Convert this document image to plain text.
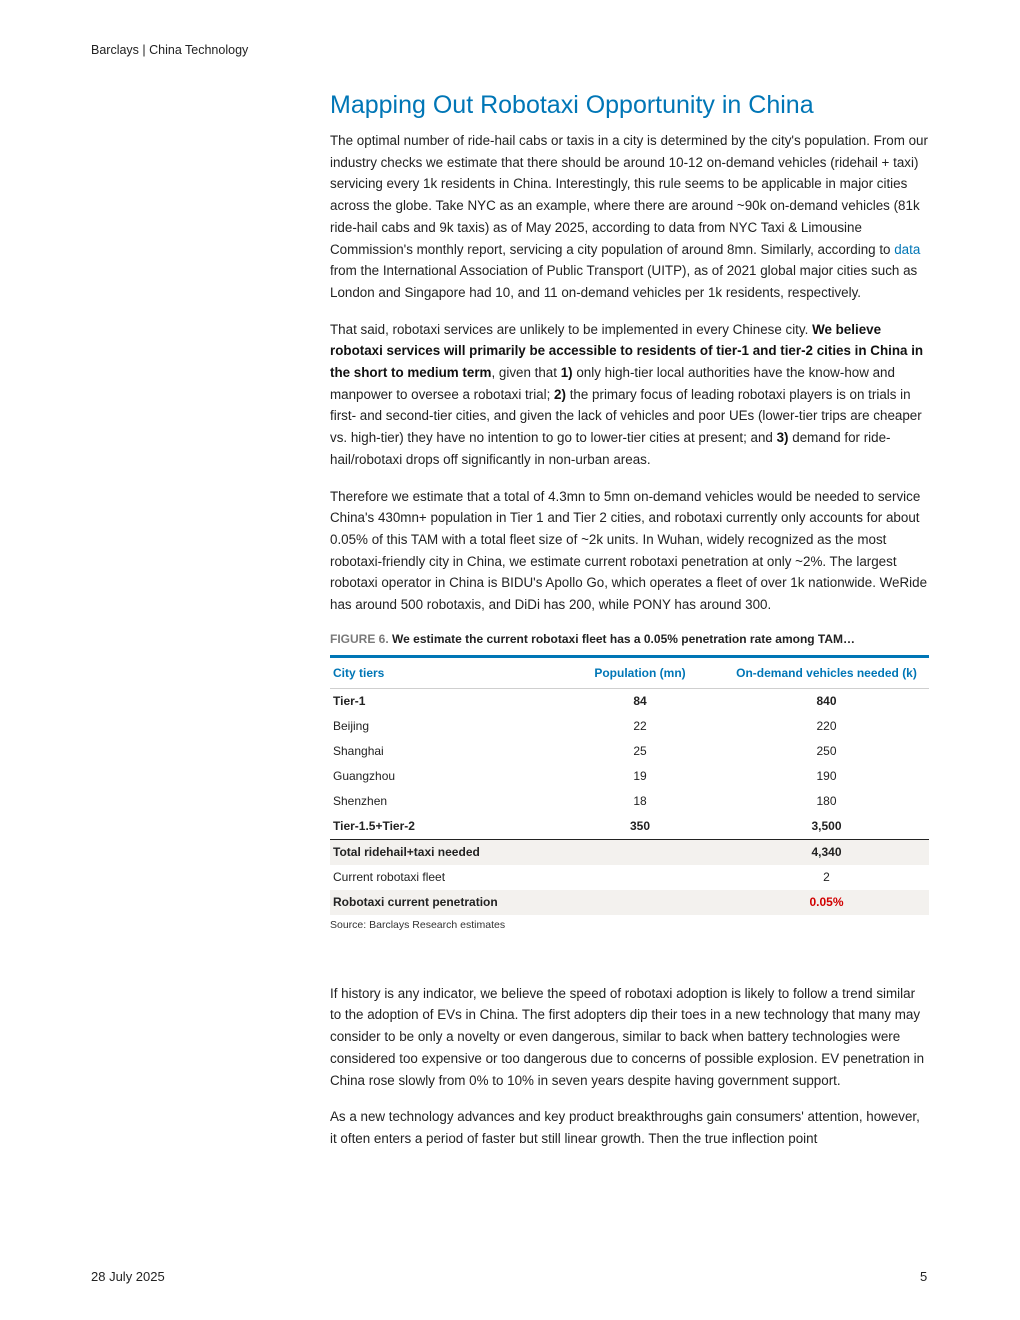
Barclays | China Technology
Mapping Out Robotaxi Opportunity in China

The optimal number of ride-hail cabs or taxis in a city is determined by the city's population. From our industry checks we estimate that there should be around 10-12 on-demand vehicles (ridehail + taxi) servicing every 1k residents in China. Interestingly, this rule seems to be applicable in major cities across the globe. Take NYC as an example, where there are around ~90k on-demand vehicles (81k ride-hail cabs and 9k taxis) as of May 2025, according to data from NYC Taxi & Limousine Commission's monthly report, servicing a city population of around 8mn. Similarly, according to data from the International Association of Public Transport (UITP), as of 2021 global major cities such as London and Singapore had 10, and 11 on-demand vehicles per 1k residents, respectively.

That said, robotaxi services are unlikely to be implemented in every Chinese city. We believe robotaxi services will primarily be accessible to residents of tier-1 and tier-2 cities in China in the short to medium term, given that 1) only high-tier local authorities have the know-how and manpower to oversee a robotaxi trial; 2) the primary focus of leading robotaxi players is on trials in first- and second-tier cities, and given the lack of vehicles and poor UEs (lower-tier trips are cheaper vs. high-tier) they have no intention to go to lower-tier cities at present; and 3) demand for ride-hail/robotaxi drops off significantly in non-urban areas.

Therefore we estimate that a total of 4.3mn to 5mn on-demand vehicles would be needed to service China's 430mn+ population in Tier 1 and Tier 2 cities, and robotaxi currently only accounts for about 0.05% of this TAM with a total fleet size of ~2k units. In Wuhan, widely recognized as the most robotaxi-friendly city in China, we estimate current robotaxi penetration at only ~2%. The largest robotaxi operator in China is BIDU's Apollo Go, which operates a fleet of over 1k nationwide. WeRide has around 500 robotaxis, and DiDi has 200, while PONY has around 300.

FIGURE 6. We estimate the current robotaxi fleet has a 0.05% penetration rate among TAM…
City tiers	Population (mn)	On-demand vehicles needed (k)
Tier-1	84	840
Beijing	22	220
Shanghai	25	250
Guangzhou	19	190
Shenzhen	18	180
Tier-1.5+Tier-2	350	3,500
Total ridehail+taxi needed		4,340
Current robotaxi fleet		2
Robotaxi current penetration		0.05%
Source: Barclays Research estimates

If history is any indicator, we believe the speed of robotaxi adoption is likely to follow a trend similar to the adoption of EVs in China. The first adopters dip their toes in a new technology that many may consider to be only a novelty or even dangerous, similar to back when battery technologies were considered too expensive or too dangerous due to concerns of possible explosion. EV penetration in China rose slowly from 0% to 10% in seven years despite having government support.

As a new technology advances and key product breakthroughs gain consumers' attention, however, it often enters a period of faster but still linear growth. Then the true inflection point

28 July 2025	5
